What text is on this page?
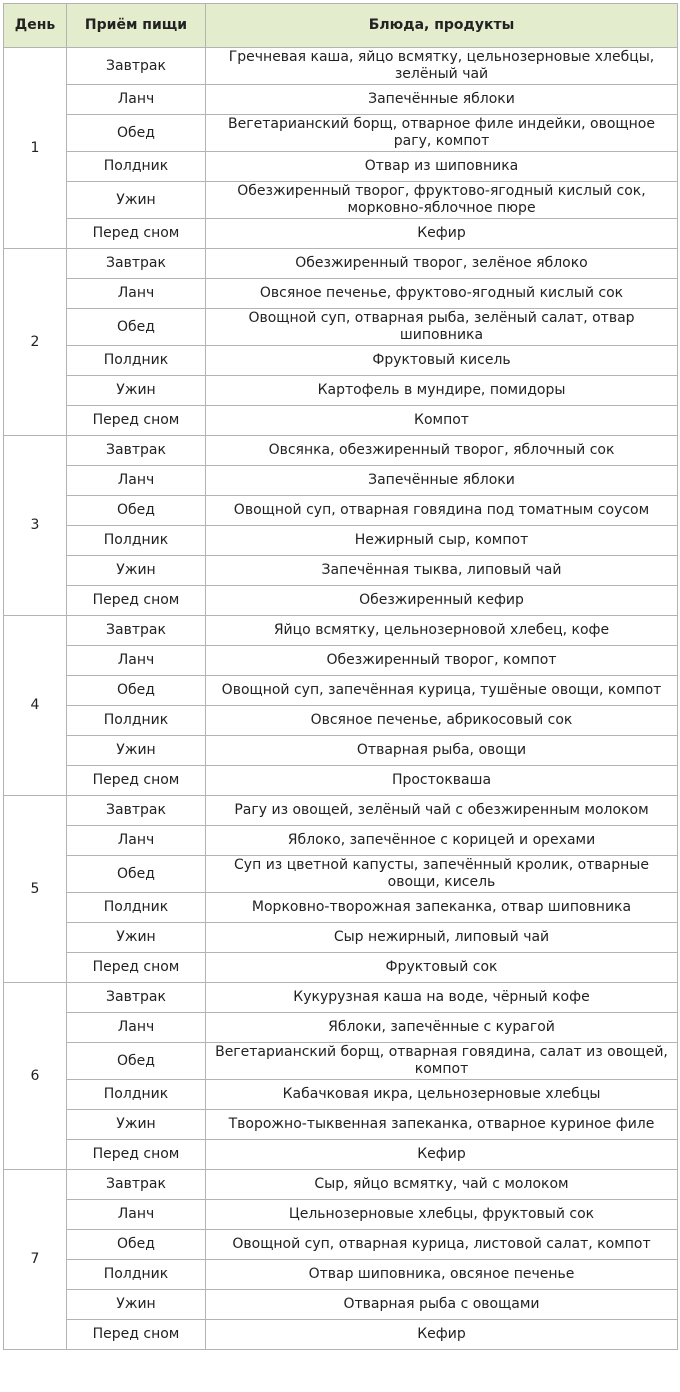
День	Приём пищи	Блюда, продукты
1	Завтрак	Гречневая каша, яйцо всмятку, цельнозерновые хлебцы, зелёный чай
	Ланч	Запечённые яблоки
	Обед	Вегетарианский борщ, отварное филе индейки, овощное рагу, компот
	Полдник	Отвар из шиповника
	Ужин	Обезжиренный творог, фруктово-ягодный кислый сок, морковно-яблочное пюре
	Перед сном	Кефир
2	Завтрак	Обезжиренный творог, зелёное яблоко
	Ланч	Овсяное печенье, фруктово-ягодный кислый сок
	Обед	Овощной суп, отварная рыба, зелёный салат, отвар шиповника
	Полдник	Фруктовый кисель
	Ужин	Картофель в мундире, помидоры
	Перед сном	Компот
3	Завтрак	Овсянка, обезжиренный творог, яблочный сок
	Ланч	Запечённые яблоки
	Обед	Овощной суп, отварная говядина под томатным соусом
	Полдник	Нежирный сыр, компот
	Ужин	Запечённая тыква, липовый чай
	Перед сном	Обезжиренный кефир
4	Завтрак	Яйцо всмятку, цельнозерновой хлебец, кофе
	Ланч	Обезжиренный творог, компот
	Обед	Овощной суп, запечённая курица, тушёные овощи, компот
	Полдник	Овсяное печенье, абрикосовый сок
	Ужин	Отварная рыба, овощи
	Перед сном	Простокваша
5	Завтрак	Рагу из овощей, зелёный чай с обезжиренным молоком
	Ланч	Яблоко, запечённое с корицей и орехами
	Обед	Суп из цветной капусты, запечённый кролик, отварные овощи, кисель
	Полдник	Морковно-творожная запеканка, отвар шиповника
	Ужин	Сыр нежирный, липовый чай
	Перед сном	Фруктовый сок
6	Завтрак	Кукурузная каша на воде, чёрный кофе
	Ланч	Яблоки, запечённые с курагой
	Обед	Вегетарианский борщ, отварная говядина, салат из овощей, компот
	Полдник	Кабачковая икра, цельнозерновые хлебцы
	Ужин	Творожно-тыквенная запеканка, отварное куриное филе
	Перед сном	Кефир
7	Завтрак	Сыр, яйцо всмятку, чай с молоком
	Ланч	Цельнозерновые хлебцы, фруктовый сок
	Обед	Овощной суп, отварная курица, листовой салат, компот
	Полдник	Отвар шиповника, овсяное печенье
	Ужин	Отварная рыба с овощами
	Перед сном	Кефир
